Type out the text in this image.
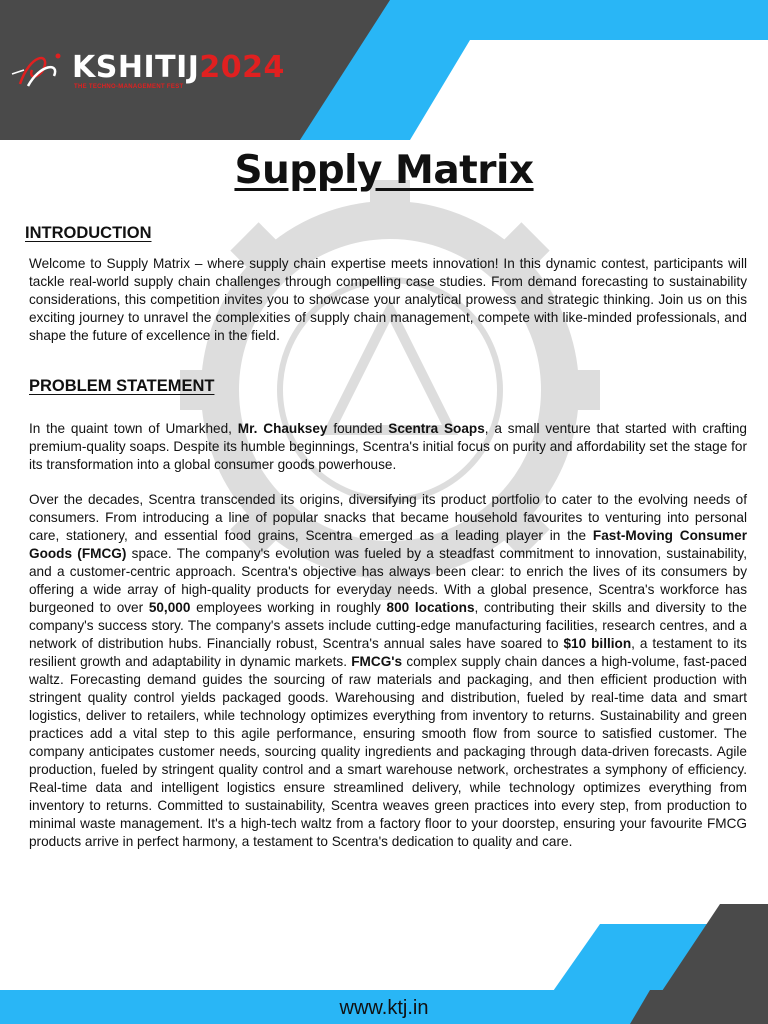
KSHITIJ2024
THE TECHNO-MANAGEMENT FEST
Supply Matrix
INTRODUCTION

Welcome to Supply Matrix – where supply chain expertise meets innovation! In this dynamic contest, participants will tackle real-world supply chain challenges through compelling case studies. From demand forecasting to sustainability considerations, this competition invites you to showcase your analytical prowess and strategic thinking. Join us on this exciting journey to unravel the complexities of supply chain management, compete with like-minded professionals, and shape the future of excellence in the field.

PROBLEM STATEMENT

In the quaint town of Umarkhed, Mr. Chauksey founded Scentra Soaps, a small venture that started with crafting premium-quality soaps. Despite its humble beginnings, Scentra's initial focus on purity and affordability set the stage for its transformation into a global consumer goods powerhouse.

Over the decades, Scentra transcended its origins, diversifying its product portfolio to cater to the evolving needs of consumers. From introducing a line of popular snacks that became household favourites to venturing into personal care, stationery, and essential food grains, Scentra emerged as a leading player in the Fast-Moving Consumer Goods (FMCG) space. The company's evolution was fueled by a steadfast commitment to innovation, sustainability, and a customer-centric approach. Scentra's objective has always been clear: to enrich the lives of its consumers by offering a wide array of high-quality products for everyday needs. With a global presence, Scentra's workforce has burgeoned to over 50,000 employees working in roughly 800 locations, contributing their skills and diversity to the company's success story. The company's assets include cutting-edge manufacturing facilities, research centres, and a network of distribution hubs. Financially robust, Scentra's annual sales have soared to $10 billion, a testament to its resilient growth and adaptability in dynamic markets. FMCG's complex supply chain dances a high-volume, fast-paced waltz. Forecasting demand guides the sourcing of raw materials and packaging, and then efficient production with stringent quality control yields packaged goods. Warehousing and distribution, fueled by real-time data and smart logistics, deliver to retailers, while technology optimizes everything from inventory to returns. Sustainability and green practices add a vital step to this agile performance, ensuring smooth flow from source to satisfied customer. The company anticipates customer needs, sourcing quality ingredients and packaging through data-driven forecasts. Agile production, fueled by stringent quality control and a smart warehouse network, orchestrates a symphony of efficiency. Real-time data and intelligent logistics ensure streamlined delivery, while technology optimizes everything from inventory to returns. Committed to sustainability, Scentra weaves green practices into every step, from production to minimal waste management. It's a high-tech waltz from a factory floor to your doorstep, ensuring your favourite FMCG products arrive in perfect harmony, a testament to Scentra's dedication to quality and care.

www.ktj.in
